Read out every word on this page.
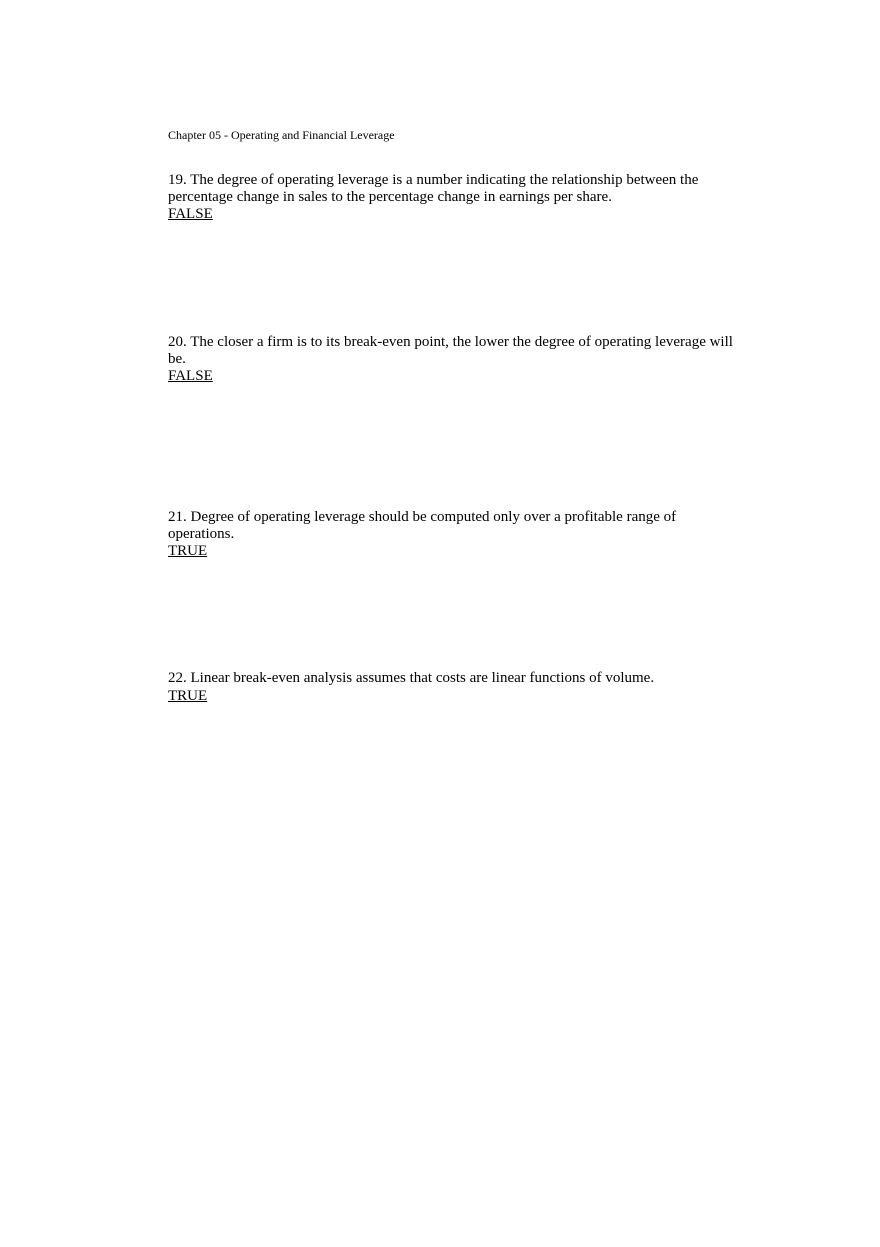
Chapter 05 - Operating and Financial Leverage

19. The degree of operating leverage is a number indicating the relationship between the percentage change in sales to the percentage change in earnings per share.

FALSE

20. The closer a firm is to its break-even point, the lower the degree of operating leverage will be.

FALSE

21. Degree of operating leverage should be computed only over a profitable range of operations.

TRUE

22. Linear break-even analysis assumes that costs are linear functions of volume.

TRUE
